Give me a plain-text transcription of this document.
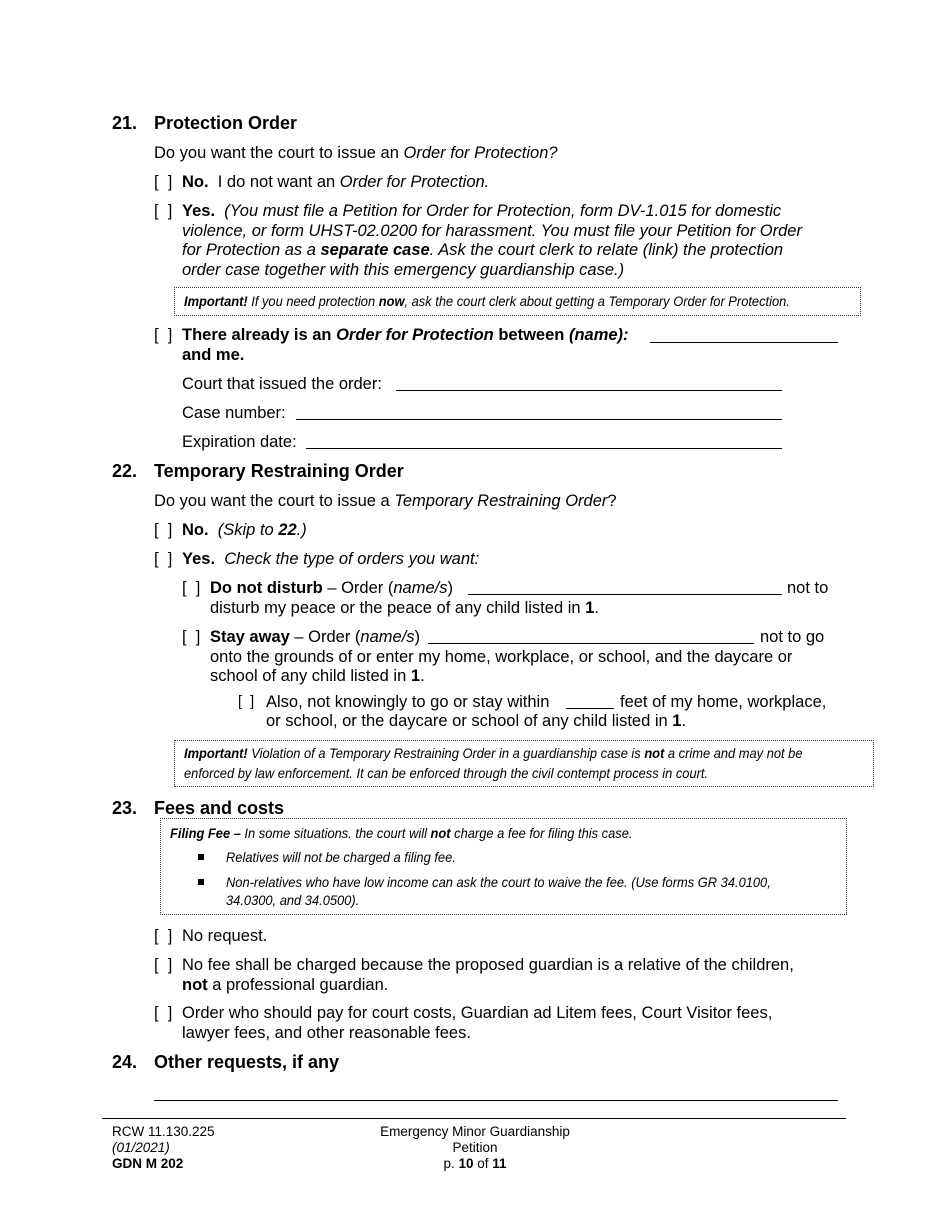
21. Protection Order
Do you want the court to issue an Order for Protection?
[  ] No. I do not want an Order for Protection.
[  ] Yes. (You must file a Petition for Order for Protection, form DV-1.015 for domestic
violence, or form UHST-02.0200 for harassment. You must file your Petition for Order
for Protection as a separate case. Ask the court clerk to relate (link) the protection
order case together with this emergency guardianship case.)
Important! If you need protection now, ask the court clerk about getting a Temporary Order for Protection.
[  ] There already is an Order for Protection between (name):
and me.
Court that issued the order:
Case number:
Expiration date:
22. Temporary Restraining Order
Do you want the court to issue a Temporary Restraining Order?
[  ] No. (Skip to 22.)
[  ] Yes. Check the type of orders you want:
[  ] Do not disturb – Order (name/s)	not to
disturb my peace or the peace of any child listed in 1.
[  ] Stay away – Order (name/s)	not to go
onto the grounds of or enter my home, workplace, or school, and the daycare or
school of any child listed in 1.
[  ] Also, not knowingly to go or stay within	feet of my home, workplace,
or school, or the daycare or school of any child listed in 1.
Important! Violation of a Temporary Restraining Order in a guardianship case is not a crime and may not be
enforced by law enforcement. It can be enforced through the civil contempt process in court.
23. Fees and costs
Filing Fee – In some situations. the court will not charge a fee for filing this case.
Relatives will not be charged a filing fee.
Non-relatives who have low income can ask the court to waive the fee. (Use forms GR 34.0100,
34.0300, and 34.0500).
[  ] No request.
[  ] No fee shall be charged because the proposed guardian is a relative of the children,
not a professional guardian.
[  ] Order who should pay for court costs, Guardian ad Litem fees, Court Visitor fees,
lawyer fees, and other reasonable fees.
24. Other requests, if any
RCW 11.130.225
(01/2021)
GDN M 202
Emergency Minor Guardianship
Petition
p. 10 of 11
